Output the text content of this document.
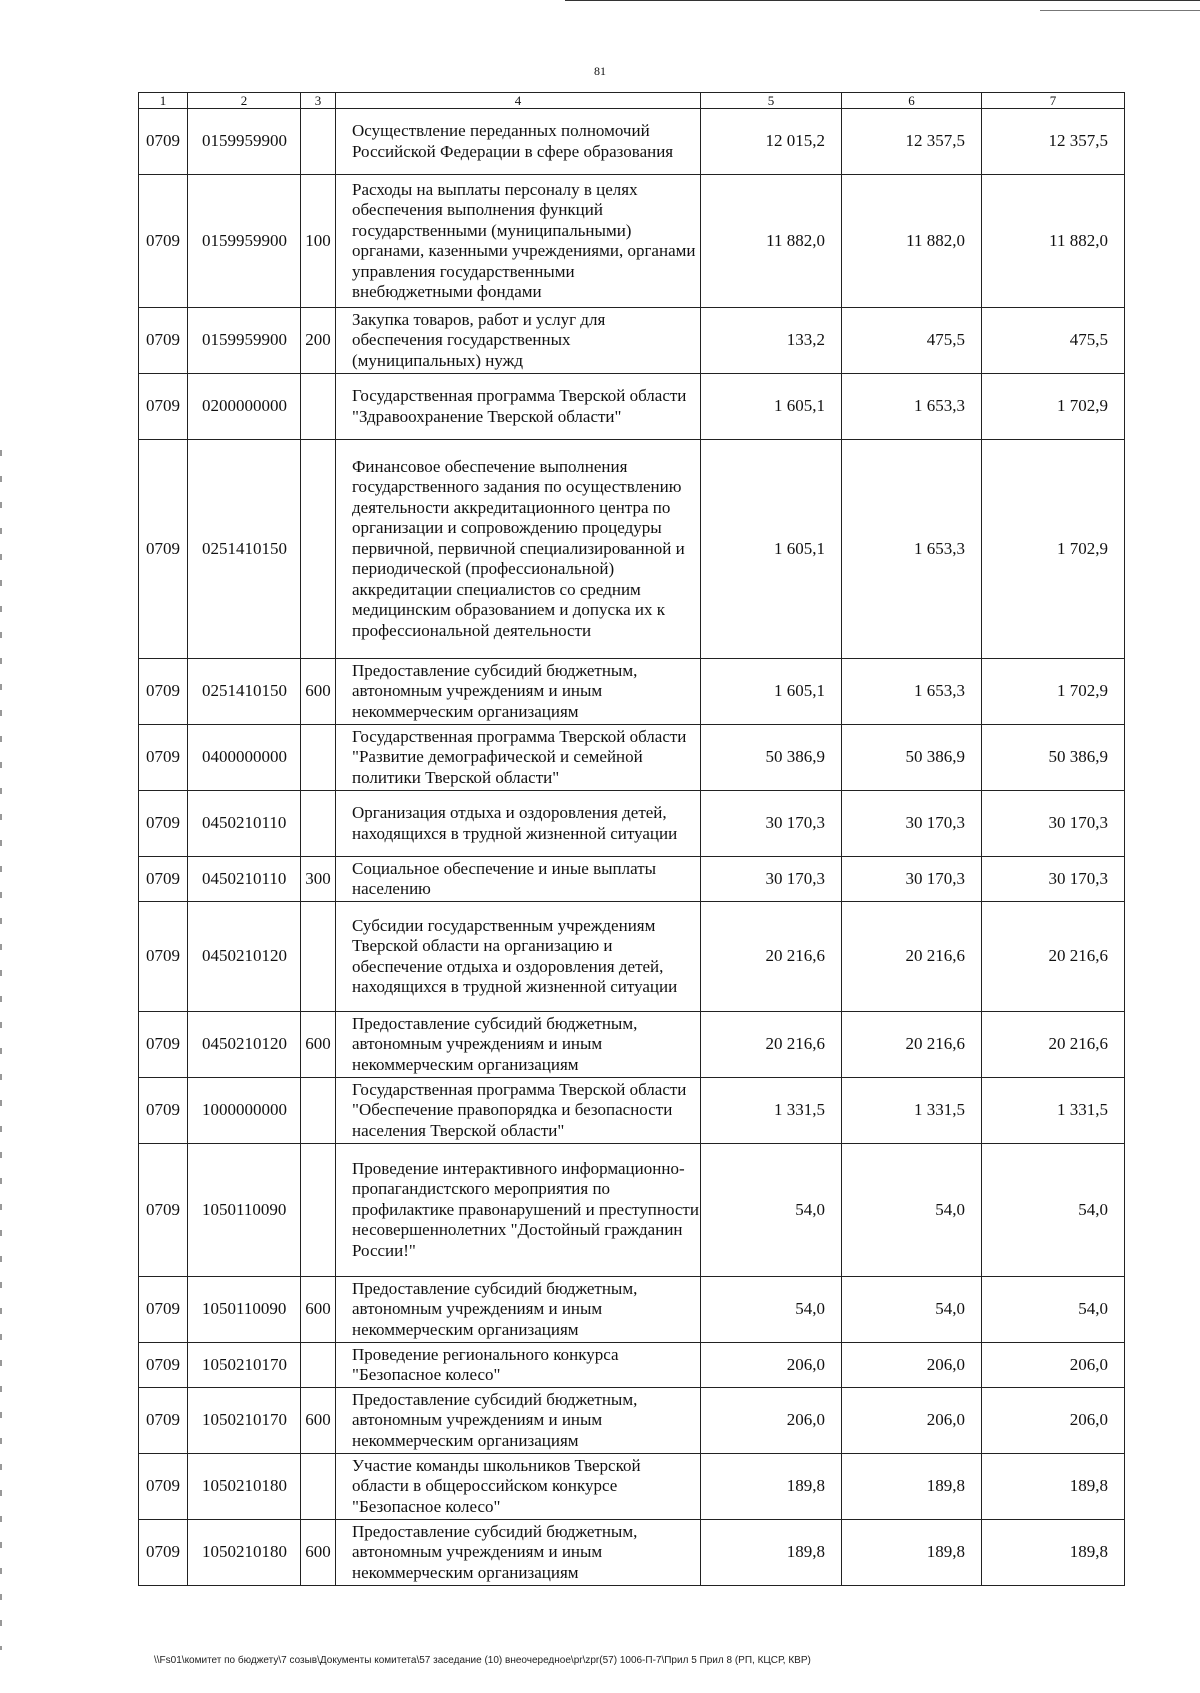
81
1	2	3	4	5	6	7
0709	0159959900		Осуществление переданных полномочий Российской Федерации в сфере образования	12 015,2	12 357,5	12 357,5
0709	0159959900	100	Расходы на выплаты персоналу в целях обеспечения выполнения функций государственными (муниципальными) органами, казенными учреждениями, органами управления государственными внебюджетными фондами	11 882,0	11 882,0	11 882,0
0709	0159959900	200	Закупка товаров, работ и услуг для обеспечения государственных (муниципальных) нужд	133,2	475,5	475,5
0709	0200000000		Государственная программа Тверской области "Здравоохранение Тверской области"	1 605,1	1 653,3	1 702,9
0709	0251410150		Финансовое обеспечение выполнения государственного задания по осуществлению деятельности аккредитационного центра по организации и сопровождению процедуры первичной, первичной специализированной и периодической (профессиональной) аккредитации специалистов со средним медицинским образованием и допуска их к профессиональной деятельности	1 605,1	1 653,3	1 702,9
0709	0251410150	600	Предоставление субсидий бюджетным, автономным учреждениям и иным некоммерческим организациям	1 605,1	1 653,3	1 702,9
0709	0400000000		Государственная программа Тверской области "Развитие демографической и семейной политики Тверской области"	50 386,9	50 386,9	50 386,9
0709	0450210110		Организация отдыха и оздоровления детей, находящихся в трудной жизненной ситуации	30 170,3	30 170,3	30 170,3
0709	0450210110	300	Социальное обеспечение и иные выплаты населению	30 170,3	30 170,3	30 170,3
0709	0450210120		Субсидии государственным учреждениям Тверской области на организацию и обеспечение отдыха и оздоровления детей, находящихся в трудной жизненной ситуации	20 216,6	20 216,6	20 216,6
0709	0450210120	600	Предоставление субсидий бюджетным, автономным учреждениям и иным некоммерческим организациям	20 216,6	20 216,6	20 216,6
0709	1000000000		Государственная программа Тверской области "Обеспечение правопорядка и безопасности населения Тверской области"	1 331,5	1 331,5	1 331,5
0709	1050110090		Проведение интерактивного информационно-пропагандистского мероприятия по профилактике правонарушений и преступности несовершеннолетних "Достойный гражданин России!"	54,0	54,0	54,0
0709	1050110090	600	Предоставление субсидий бюджетным, автономным учреждениям и иным некоммерческим организациям	54,0	54,0	54,0
0709	1050210170		Проведение регионального конкурса "Безопасное колесо"	206,0	206,0	206,0
0709	1050210170	600	Предоставление субсидий бюджетным, автономным учреждениям и иным некоммерческим организациям	206,0	206,0	206,0
0709	1050210180		Участие команды школьников Тверской области в общероссийском конкурсе "Безопасное колесо"	189,8	189,8	189,8
0709	1050210180	600	Предоставление субсидий бюджетным, автономным учреждениям и иным некоммерческим организациям	189,8	189,8	189,8
\\Fs01\комитет по бюджету\7 созыв\Документы комитета\57 заседание (10) внеочередное\pr\zpr(57) 1006-П-7\Прил 5 Прил 8 (РП, КЦСР, КВР)
